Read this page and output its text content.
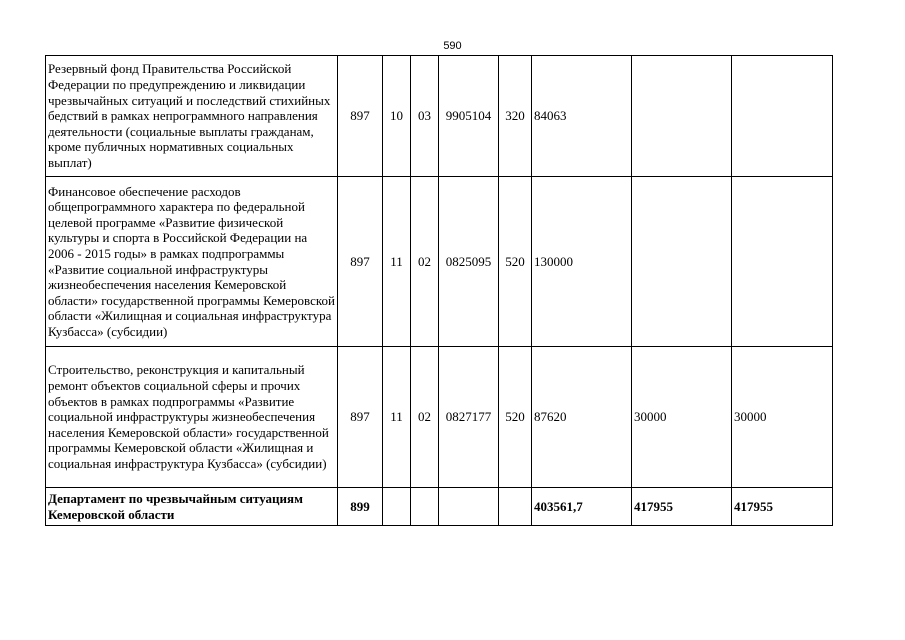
590
Резервный фонд Правительства Российской Федерации по предупреждению и ликвидации чрезвычайных ситуаций и последствий стихийных бедствий в рамках непрограммного направления деятельности (социальные выплаты гражданам, кроме публичных нормативных социальных выплат)	897	10	03	9905104	320	84063		
Финансовое обеспечение расходов общепрограммного характера по федеральной целевой программе «Развитие физической культуры и спорта в Российской Федерации на 2006 - 2015 годы» в рамках подпрограммы «Развитие социальной инфраструктуры жизнеобеспечения населения Кемеровской области» государственной программы Кемеровской области «Жилищная и социальная инфраструктура Кузбасса» (субсидии)	897	11	02	0825095	520	130000		
Строительство, реконструкция и капитальный ремонт объектов социальной сферы и прочих объектов в рамках подпрограммы «Развитие социальной инфраструктуры жизнеобеспечения населения Кемеровской области» государственной программы Кемеровской области «Жилищная и социальная инфраструктура Кузбасса» (субсидии)	897	11	02	0827177	520	87620	30000	30000
Департамент по чрезвычайным ситуациям Кемеровской области	899					403561,7	417955	417955
